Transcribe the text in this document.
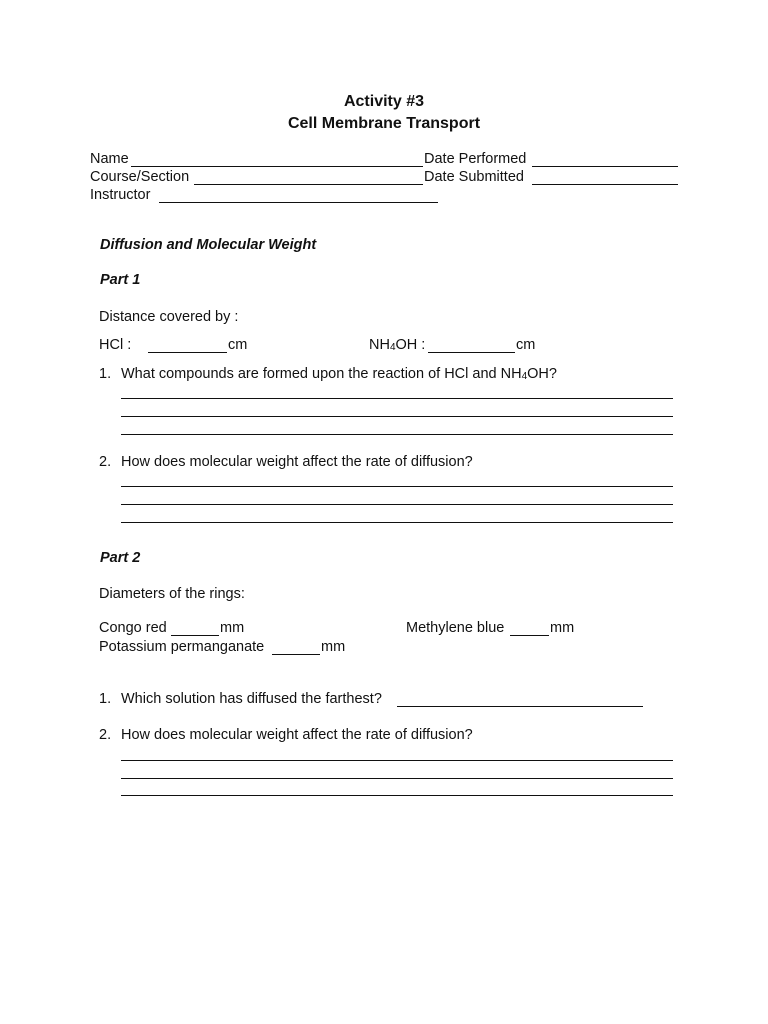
Activity #3
Cell Membrane Transport
Name	Date Performed
Course/Section	Date Submitted
Instructor
Diffusion and Molecular Weight
Part 1
Distance covered by :
HCl :	cm	$NH_4OH$ :	cm
1. What compounds are formed upon the reaction of HCl and $NH_4OH$?
2. How does molecular weight affect the rate of diffusion?
Part 2
Diameters of the rings:
Congo red	mm	Methylene blue	mm
Potassium permanganate	mm
1. Which solution has diffused the farthest?
2. How does molecular weight affect the rate of diffusion?
